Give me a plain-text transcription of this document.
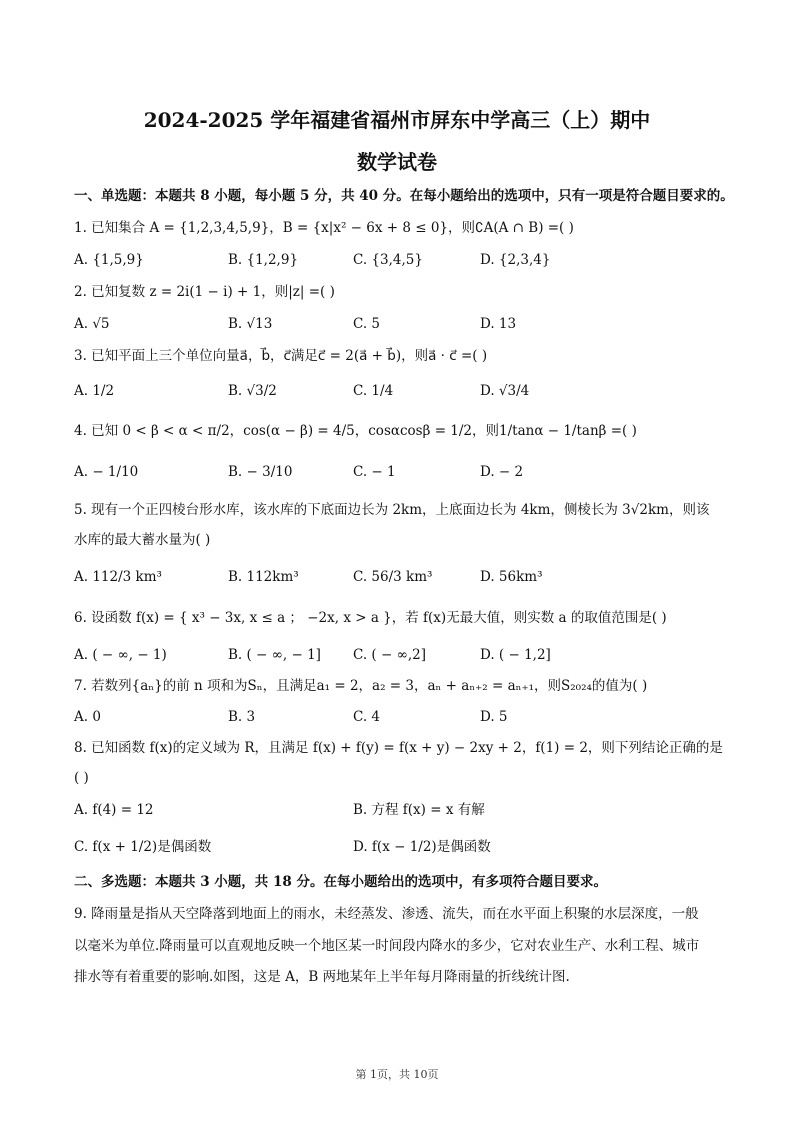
2024-2025 学年福建省福州市屏东中学高三（上）期中
数学试卷
一、单选题：本题共 8 小题，每小题 5 分，共 40 分。在每小题给出的选项中，只有一项是符合题目要求的。
1. 已知集合 A = {1,2,3,4,5,9}，B = {x|x² − 6x + 8 ≤ 0}，则∁A(A ∩ B) =( )
A. {1,5,9}	B. {1,2,9}	C. {3,4,5}	D. {2,3,4}
2. 已知复数 z = 2i(1 − i) + 1，则|z| =( )
A. √5	B. √13	C. 5	D. 13
3. 已知平面上三个单位向量a⃗，b⃗，c⃗满足c⃗ = 2(a⃗ + b⃗)，则a⃗ · c⃗ =( )
A. 1/2	B. √3/2	C. 1/4	D. √3/4
4. 已知 0 < β < α < π/2，cos(α − β) = 4/5，cosαcosβ = 1/2，则1/tanα − 1/tanβ =( )
A. − 1/10	B. − 3/10	C. − 1	D. − 2
5. 现有一个正四棱台形水库，该水库的下底面边长为 2km，上底面边长为 4km，侧棱长为 3√2km，则该
水库的最大蓄水量为( )
A. 112/3 km³	B. 112km³	C. 56/3 km³	D. 56km³
6. 设函数 f(x) = { x³ − 3x, x ≤ a ； −2x, x > a }，若 f(x)无最大值，则实数 a 的取值范围是( )
A. ( − ∞, − 1)	B. ( − ∞, − 1] C. ( − ∞,2]	D. ( − 1,2]
7. 若数列{aₙ}的前 n 项和为Sₙ，且满足a₁ = 2，a₂ = 3，aₙ + aₙ₊₂ = aₙ₊₁，则S₂₀₂₄的值为( )
A. 0	B. 3	C. 4	D. 5
8. 已知函数 f(x)的定义域为 R，且满足 f(x) + f(y) = f(x + y) − 2xy + 2，f(1) = 2，则下列结论正确的是
( )
A. f(4) = 12	B. 方程 f(x) = x 有解
C. f(x + 1/2)是偶函数	D. f(x − 1/2)是偶函数
二、多选题：本题共 3 小题，共 18 分。在每小题给出的选项中，有多项符合题目要求。
9. 降雨量是指从天空降落到地面上的雨水，未经蒸发、渗透、流失，而在水平面上积聚的水层深度，一般
以毫米为单位.降雨量可以直观地反映一个地区某一时间段内降水的多少，它对农业生产、水利工程、城市
排水等有着重要的影响.如图，这是 A，B 两地某年上半年每月降雨量的折线统计图.
第 1页，共 10页
